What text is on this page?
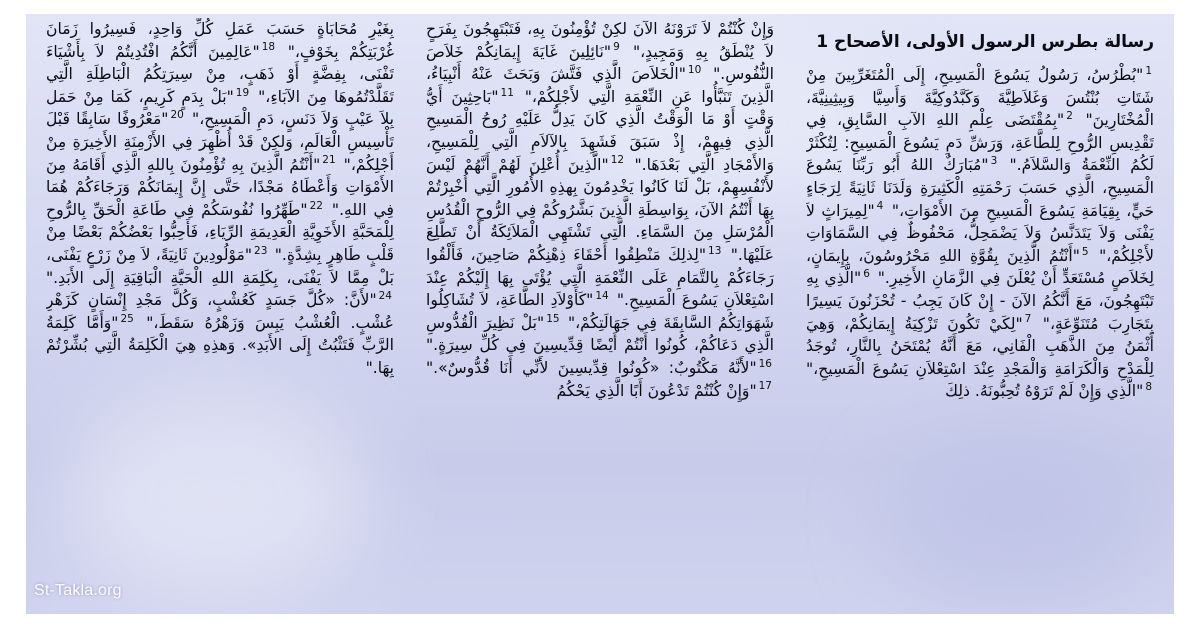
رسالة بطرس الرسول الأولى، الأصحاح 1
$^1$"بُطْرُسُ، رَسُولُ يَسُوعَ الْمَسِيحِ، إِلَى الْمُتَغَرِّبِينَ مِنْ شَتَاتِ بُنْتُسَ وَغَلاَطِيَّةَ وَكَبَّدُوكِيَّةَ وَأَسِيَّا وَبِيثِينِيَّةَ، الْمُخْتَارِينَ" $^2$"بِمُقْتَضَى عِلْمِ اللهِ الآبِ السَّابِقِ، فِي تَقْدِيسِ الرُّوحِ لِلطَّاعَةِ، وَرَشِّ دَمِ يَسُوعَ الْمَسِيحِ: لِتُكْثَرْ لَكُمُ النِّعْمَةُ وَالسَّلاَمُ." $^3$"مُبَارَكٌ اللهُ أَبُو رَبِّنَا يَسُوعَ الْمَسِيحِ، الَّذِي حَسَبَ رَحْمَتِهِ الْكَثِيرَةِ وَلَدَنَا ثَانِيَةً لِرَجَاءٍ حَيٍّ، بِقِيَامَةِ يَسُوعَ الْمَسِيحِ مِنَ الأَمْوَاتِ،" $^4$"لِمِيرَاثٍ لاَ يَفْنَى وَلاَ يَتَدَنَّسُ وَلاَ يَضْمَحِلُّ، مَحْفُوظٌ فِي السَّمَاوَاتِ لأَجْلِكُمْ،" $^5$"أَنْتُمُ الَّذِينَ بِقُوَّةِ اللهِ مَحْرُوسُونَ، بِإِيمَانٍ، لِخَلاَصٍ مُسْتَعَدٍّ أَنْ يُعْلَنَ فِي الزَّمَانِ الأَخِيرِ." $^6$"الَّذِي بِهِ تَبْتَهِجُونَ، مَعَ أَنَّكُمُ الآنَ - إِنْ كَانَ يَجِبُ - تُحْزَنُونَ يَسِيرًا بِتَجَارِبَ مُتَنَوِّعَةٍ،" $^7$"لِكَيْ تَكُونَ تَزْكِيَةُ إِيمَانِكُمْ، وَهِيَ أَثْمَنُ مِنَ الذَّهَبِ الْفَانِي، مَعَ أَنَّهُ يُمْتَحَنُ بِالنَّارِ، تُوجَدُ لِلْمَدْحِ وَالْكَرَامَةِ وَالْمَجْدِ عِنْدَ اسْتِعْلاَنِ يَسُوعَ الْمَسِيحِ،" $^8$"الَّذِي وَإِنْ لَمْ تَرَوْهُ تُحِبُّونَهُ. ذلِكَ
وَإِنْ كُنْتُمْ لاَ تَرَوْنَهُ الآنَ لكِنْ تُؤْمِنُونَ بِهِ، فَتَبْتَهِجُونَ بِفَرَحٍ لاَ يُنْطَقُ بِهِ وَمَجِيدٍ،" $^9$"نَائِلِينَ غَايَةَ إِيمَانِكُمْ خَلاَصَ النُّفُوسِ." $^{10}$"الْخَلاَصَ الَّذِي فَتَّشَ وَبَحَثَ عَنْهُ أَنْبِيَاءُ، الَّذِينَ تَنَبَّأُوا عَنِ النِّعْمَةِ الَّتِي لأَجْلِكُمْ،" $^{11}$"بَاحِثِينَ أَيُّ وَقْتٍ أَوْ مَا الْوَقْتُ الَّذِي كَانَ يَدِلُّ عَلَيْهِ رُوحُ الْمَسِيحِ الَّذِي فِيهِمْ، إِذْ سَبَقَ فَشَهِدَ بِالآلاَمِ الَّتِي لِلْمَسِيحِ، وَالأَمْجَادِ الَّتِي بَعْدَهَا." $^{12}$"الَّذِينَ أُعْلِنَ لَهُمْ أَنَّهُمْ لَيْسَ لأَنْفُسِهِمْ، بَلْ لَنَا كَانُوا يَخْدِمُونَ بِهذِهِ الأُمُورِ الَّتِي أُخْبِرْتُمْ بِهَا أَنْتُمُ الآنَ، بِوَاسِطَةِ الَّذِينَ بَشَّرُوكُمْ فِي الرُّوحِ الْقُدُسِ الْمُرْسَلِ مِنَ السَّمَاءِ. الَّتِي تَشْتَهِي الْمَلاَئِكَةُ أَنْ تَطَّلِعَ عَلَيْهَا." $^{13}$"لِذلِكَ مَنْطِقُوا أَحْقَاءَ ذِهْنِكُمْ صَاحِينَ، فَأَلْقُوا رَجَاءَكُمْ بِالتَّمَامِ عَلَى النِّعْمَةِ الَّتِي يُؤْتَى بِهَا إِلَيْكُمْ عِنْدَ اسْتِعْلاَنِ يَسُوعَ الْمَسِيحِ." $^{14}$"كَأَوْلاَدِ الطَّاعَةِ، لاَ تُشَاكِلُوا شَهَوَاتِكُمُ السَّابِقَةَ فِي جَهَالَتِكُمْ،" $^{15}$"بَلْ نَظِيرَ الْقُدُّوسِ الَّذِي دَعَاكُمْ، كُونُوا أَنْتُمْ أَيْضًا قِدِّيسِينَ فِي كُلِّ سِيرَةٍ." $^{16}$"لأَنَّهُ مَكْتُوبٌ: «كُونُوا قِدِّيسِينَ لأَنِّي أَنَا قُدُّوسٌ»." $^{17}$"وَإِنْ كُنْتُمْ تَدْعُونَ أَبًا الَّذِي يَحْكُمُ
بِغَيْرِ مُحَابَاةٍ حَسَبَ عَمَلِ كُلِّ وَاحِدٍ، فَسِيرُوا زَمَانَ غُرْبَتِكُمْ بِخَوْفٍ،" $^{18}$"عَالِمِينَ أَنَّكُمُ افْتُدِيتُمْ لاَ بِأَشْيَاءَ تَفْنَى، بِفِضَّةٍ أَوْ ذَهَبٍ، مِنْ سِيرَتِكُمُ الْبَاطِلَةِ الَّتِي تَقَلَّدْتُمُوهَا مِنَ الآبَاءِ،" $^{19}$"بَلْ بِدَمٍ كَرِيمٍ، كَمَا مِنْ حَمَل بِلاَ عَيْبٍ وَلاَ دَنَسٍ، دَمِ الْمَسِيحِ،" $^{20}$"مَعْرُوفًا سَابِقًا قَبْلَ تَأْسِيسِ الْعَالَمِ، وَلكِنْ قَدْ أُظْهِرَ فِي الأَزْمِنَةِ الأَخِيرَةِ مِنْ أَجْلِكُمْ،" $^{21}$"أَنْتُمُ الَّذِينَ بِهِ تُؤْمِنُونَ بِاللهِ الَّذِي أَقَامَهُ مِنَ الأَمْوَاتِ وَأَعْطَاهُ مَجْدًا، حَتَّى إِنَّ إِيمَانَكُمْ وَرَجَاءَكُمْ هُمَا فِي اللهِ." $^{22}$"طَهِّرُوا نُفُوسَكُمْ فِي طَاعَةِ الْحَقِّ بِالرُّوحِ لِلْمَحَبَّةِ الأَخَوِيَّةِ الْعَدِيمَةِ الرِّيَاءِ، فَأَحِبُّوا بَعْضُكُمْ بَعْضًا مِنْ قَلْبٍ طَاهِرٍ بِشِدَّةٍ." $^{23}$"مَوْلُودِينَ ثَانِيَةً، لاَ مِنْ زَرْعٍ يَفْنَى، بَلْ مِمَّا لاَ يَفْنَى، بِكَلِمَةِ اللهِ الْحَيَّةِ الْبَاقِيَةِ إِلَى الأَبَدِ." $^{24}$"لأَنَّ: «كُلَّ جَسَدٍ كَعُشْبٍ، وَكُلَّ مَجْدِ إِنْسَانٍ كَزَهْرِ عُشْبٍ. الْعُشْبُ يَبِسَ وَزَهْرُهُ سَقَطَ،" $^{25}$"وَأَمَّا كَلِمَةُ الرَّبِّ فَتَثْبُتُ إِلَى الأَبَدِ». وَهذِهِ هِيَ الْكَلِمَةُ الَّتِي بُشِّرْتُمْ بِهَا."
St-Takla.org
